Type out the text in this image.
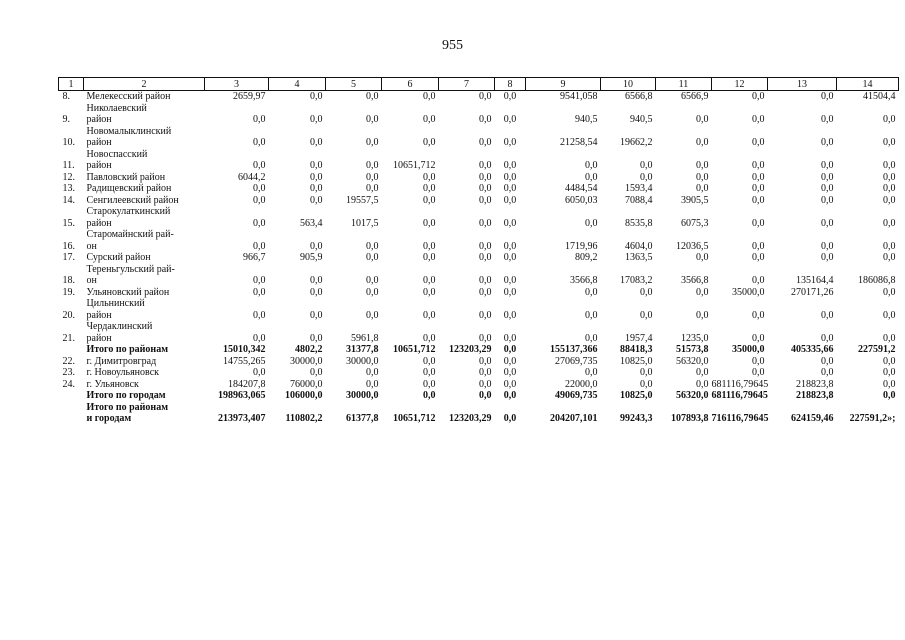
955
1	2	3	4	5	6	7	8	9	10	11	12	13	14
8.	Мелекесский район	2659,97	0,0	0,0	0,0	0,0	0,0	9541,058	6566,8	6566,9	0,0	0,0	41504,4
9.	Николаевский
район	0,0	0,0	0,0	0,0	0,0	0,0	940,5	940,5	0,0	0,0	0,0	0,0
10.	Новомалыклинский
район	0,0	0,0	0,0	0,0	0,0	0,0	21258,54	19662,2	0,0	0,0	0,0	0,0
11.	Новоспасский
район	0,0	0,0	0,0	10651,712	0,0	0,0	0,0	0,0	0,0	0,0	0,0	0,0
12.	Павловский район	6044,2	0,0	0,0	0,0	0,0	0,0	0,0	0,0	0,0	0,0	0,0	0,0
13.	Радищевский район	0,0	0,0	0,0	0,0	0,0	0,0	4484,54	1593,4	0,0	0,0	0,0	0,0
14.	Сенгилеевский район	0,0	0,0	19557,5	0,0	0,0	0,0	6050,03	7088,4	3905,5	0,0	0,0	0,0
15.	Старокулаткинский
район	0,0	563,4	1017,5	0,0	0,0	0,0	0,0	8535,8	6075,3	0,0	0,0	0,0
16.	Старомайнский рай-
он	0,0	0,0	0,0	0,0	0,0	0,0	1719,96	4604,0	12036,5	0,0	0,0	0,0
17.	Сурский район	966,7	905,9	0,0	0,0	0,0	0,0	809,2	1363,5	0,0	0,0	0,0	0,0
18.	Тереньгульский рай-
он	0,0	0,0	0,0	0,0	0,0	0,0	3566,8	17083,2	3566,8	0,0	135164,4	186086,8
19.	Ульяновский район	0,0	0,0	0,0	0,0	0,0	0,0	0,0	0,0	0,0	35000,0	270171,26	0,0
20.	Цильнинский
район	0,0	0,0	0,0	0,0	0,0	0,0	0,0	0,0	0,0	0,0	0,0	0,0
21.	Чердаклинский
район	0,0	0,0	5961,8	0,0	0,0	0,0	0,0	1957,4	1235,0	0,0	0,0	0,0
	Итого по районам	15010,342	4802,2	31377,8	10651,712	123203,29	0,0	155137,366	88418,3	51573,8	35000,0	405335,66	227591,2
22.	г. Димитровград	14755,265	30000,0	30000,0	0,0	0,0	0,0	27069,735	10825,0	56320,0	0,0	0,0	0,0
23.	г. Новоульяновск	0,0	0,0	0,0	0,0	0,0	0,0	0,0	0,0	0,0	0,0	0,0	0,0
24.	г. Ульяновск	184207,8	76000,0	0,0	0,0	0,0	0,0	22000,0	0,0	0,0	681116,79645	218823,8	0,0
	Итого по городам	198963,065	106000,0	30000,0	0,0	0,0	0,0	49069,735	10825,0	56320,0	681116,79645	218823,8	0,0
	Итого по районам
и городам	213973,407	110802,2	61377,8	10651,712	123203,29	0,0	204207,101	99243,3	107893,8	716116,79645	624159,46	227591,2»;
